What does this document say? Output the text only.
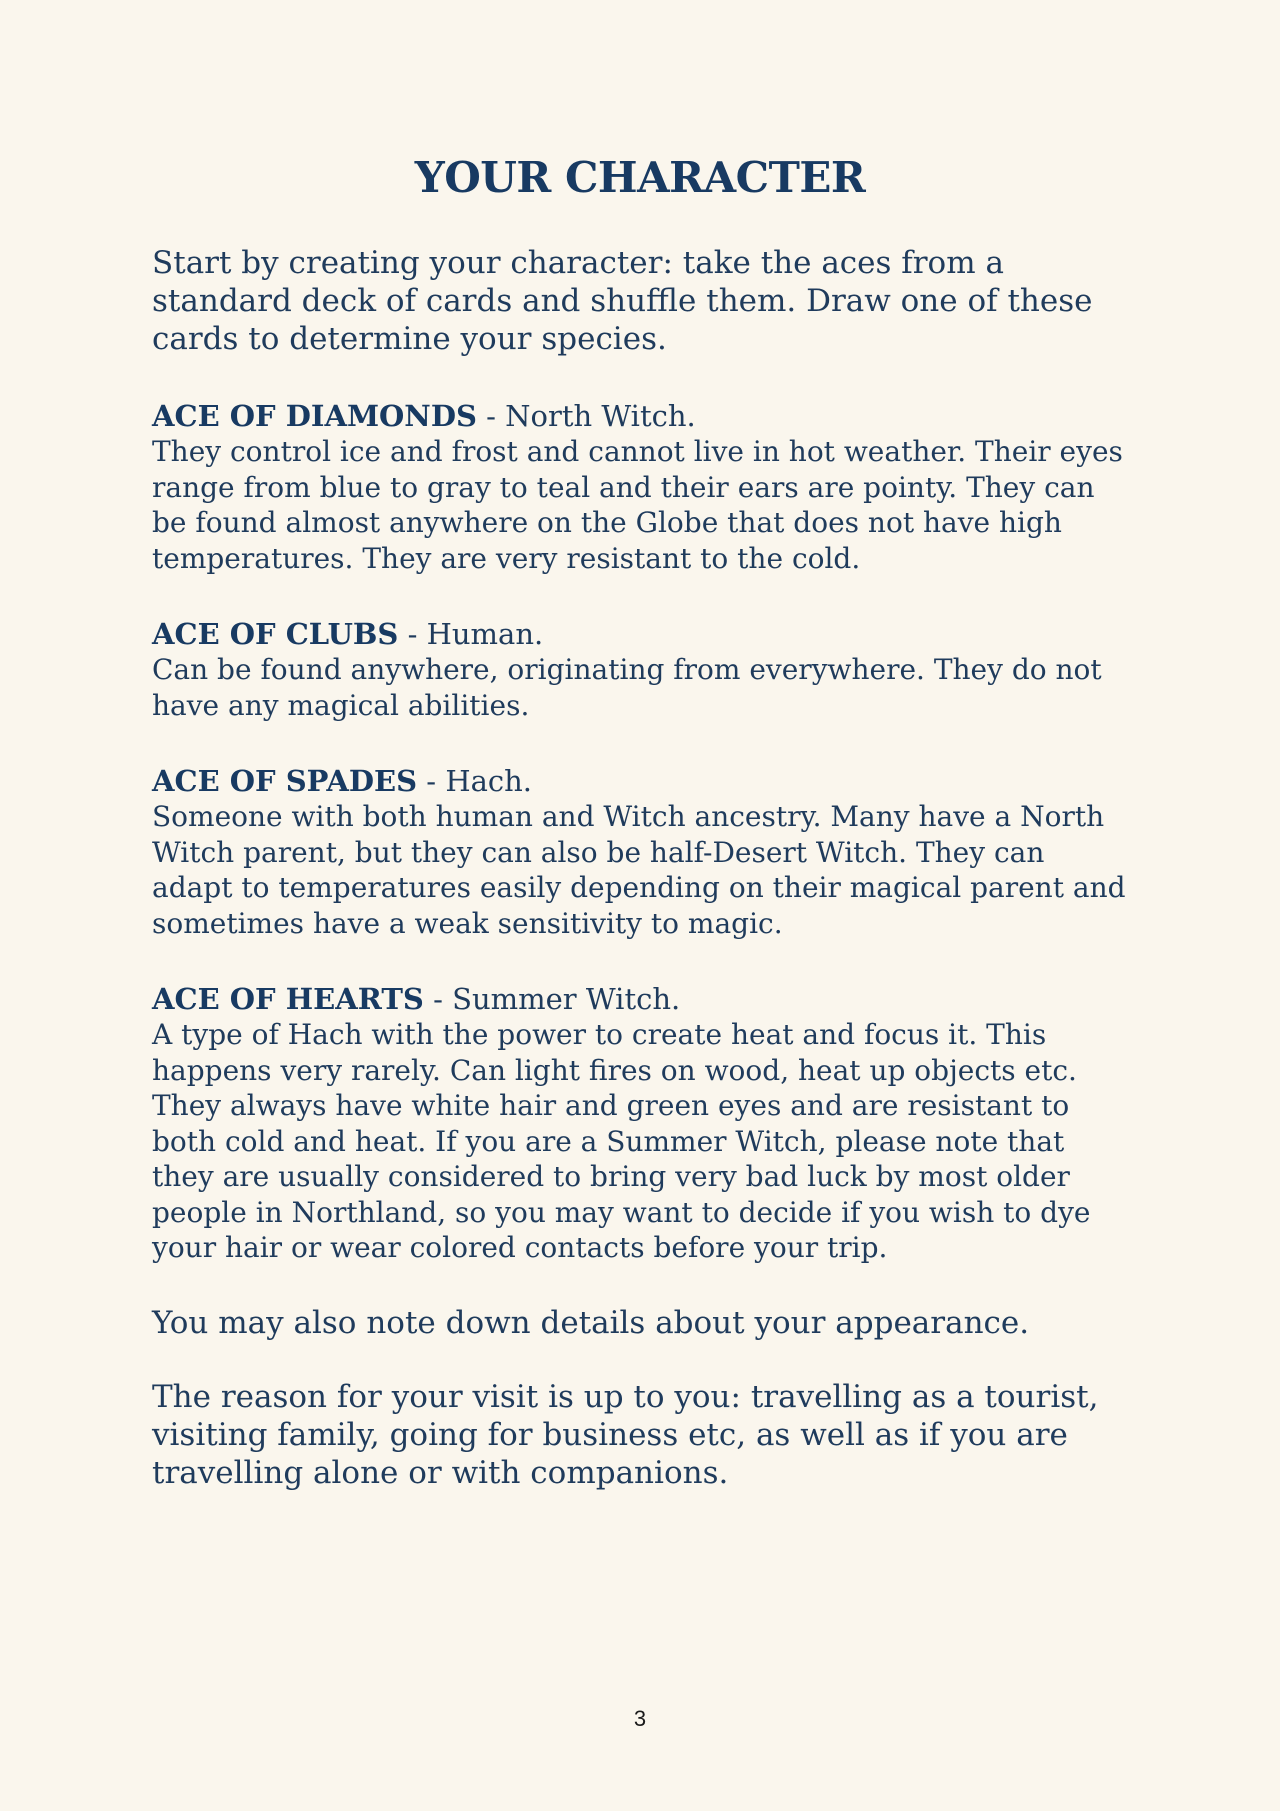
YOUR CHARACTER

Start by creating your character: take the aces from a standard deck of cards and shuffle them. Draw one of these cards to determine your species.

ACE OF DIAMONDS - North Witch.

They control ice and frost and cannot live in hot weather. Their eyes range from blue to gray to teal and their ears are pointy. They can be found almost anywhere on the Globe that does not have high temperatures. They are very resistant to the cold.

ACE OF CLUBS - Human.

Can be found anywhere, originating from everywhere. They do not have any magical abilities.

ACE OF SPADES - Hach.

Someone with both human and Witch ancestry. Many have a North Witch parent, but they can also be half-Desert Witch. They can adapt to temperatures easily depending on their magical parent and sometimes have a weak sensitivity to magic.

ACE OF HEARTS - Summer Witch.

A type of Hach with the power to create heat and focus it. This happens very rarely. Can light fires on wood, heat up objects etc. They always have white hair and green eyes and are resistant to both cold and heat. If you are a Summer Witch, please note that they are usually considered to bring very bad luck by most older people in Northland, so you may want to decide if you wish to dye your hair or wear colored contacts before your trip.

You may also note down details about your appearance.

The reason for your visit is up to you: travelling as a tourist, visiting family, going for business etc, as well as if you are travelling alone or with companions.

3
